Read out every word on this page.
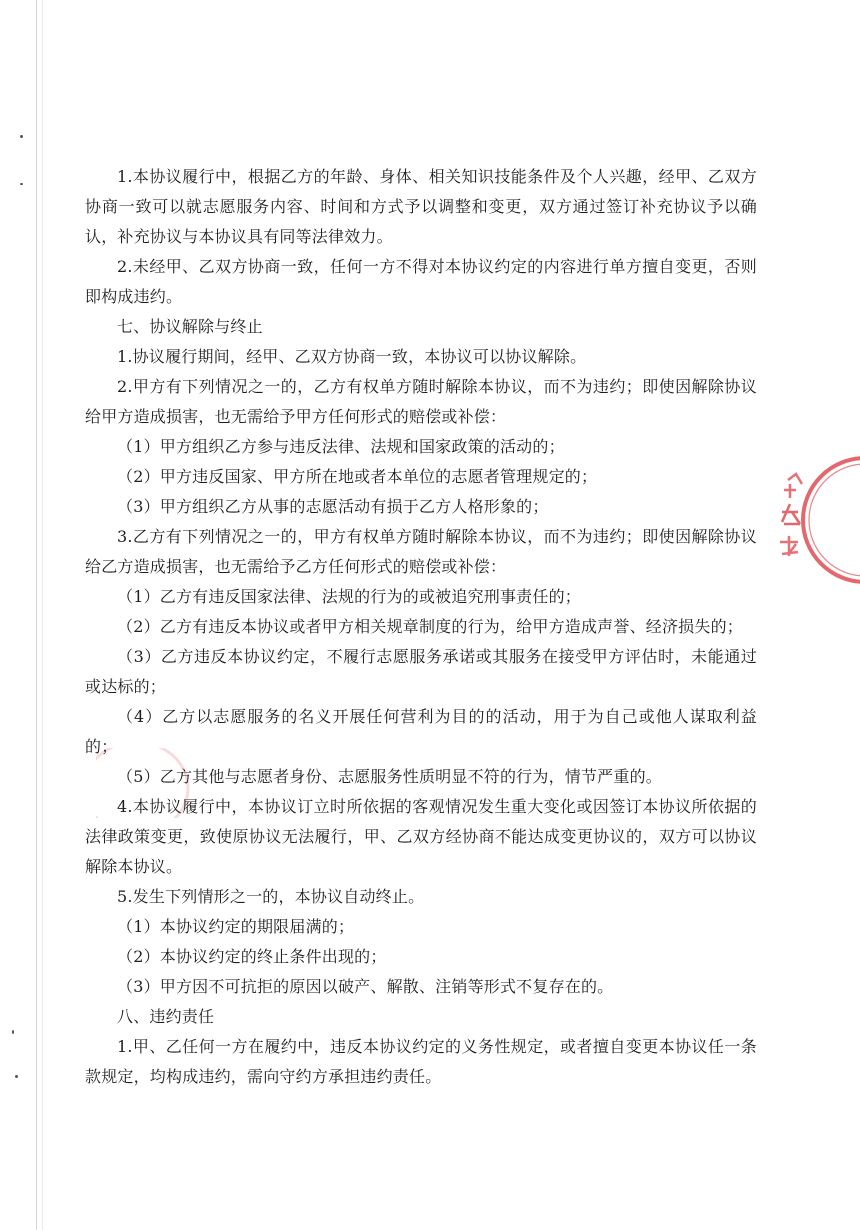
1.本协议履行中，根据乙方的年龄、身体、相关知识技能条件及个人兴趣，经甲、乙双方协商一致可以就志愿服务内容、时间和方式予以调整和变更，双方通过签订补充协议予以确认，补充协议与本协议具有同等法律效力。

2.未经甲、乙双方协商一致，任何一方不得对本协议约定的内容进行单方擅自变更，否则即构成违约。

七、协议解除与终止

1.协议履行期间，经甲、乙双方协商一致，本协议可以协议解除。

2.甲方有下列情况之一的，乙方有权单方随时解除本协议，而不为违约；即使因解除协议给甲方造成损害，也无需给予甲方任何形式的赔偿或补偿：

（1）甲方组织乙方参与违反法律、法规和国家政策的活动的；

（2）甲方违反国家、甲方所在地或者本单位的志愿者管理规定的；

（3）甲方组织乙方从事的志愿活动有损于乙方人格形象的；

3.乙方有下列情况之一的，甲方有权单方随时解除本协议，而不为违约；即使因解除协议给乙方造成损害，也无需给予乙方任何形式的赔偿或补偿：

（1）乙方有违反国家法律、法规的行为的或被追究刑事责任的；

（2）乙方有违反本协议或者甲方相关规章制度的行为，给甲方造成声誉、经济损失的；

（3）乙方违反本协议约定，不履行志愿服务承诺或其服务在接受甲方评估时，未能通过或达标的；

（4）乙方以志愿服务的名义开展任何营利为目的的活动，用于为自己或他人谋取利益的；

（5）乙方其他与志愿者身份、志愿服务性质明显不符的行为，情节严重的。

4.本协议履行中，本协议订立时所依据的客观情况发生重大变化或因签订本协议所依据的法律政策变更，致使原协议无法履行，甲、乙双方经协商不能达成变更协议的，双方可以协议解除本协议。

5.发生下列情形之一的，本协议自动终止。

（1）本协议约定的期限届满的；

（2）本协议约定的终止条件出现的；

（3）甲方因不可抗拒的原因以破产、解散、注销等形式不复存在的。

八、违约责任

1.甲、乙任何一方在履约中，违反本协议约定的义务性规定，或者擅自变更本协议任一条款规定，均构成违约，需向守约方承担违约责任。
